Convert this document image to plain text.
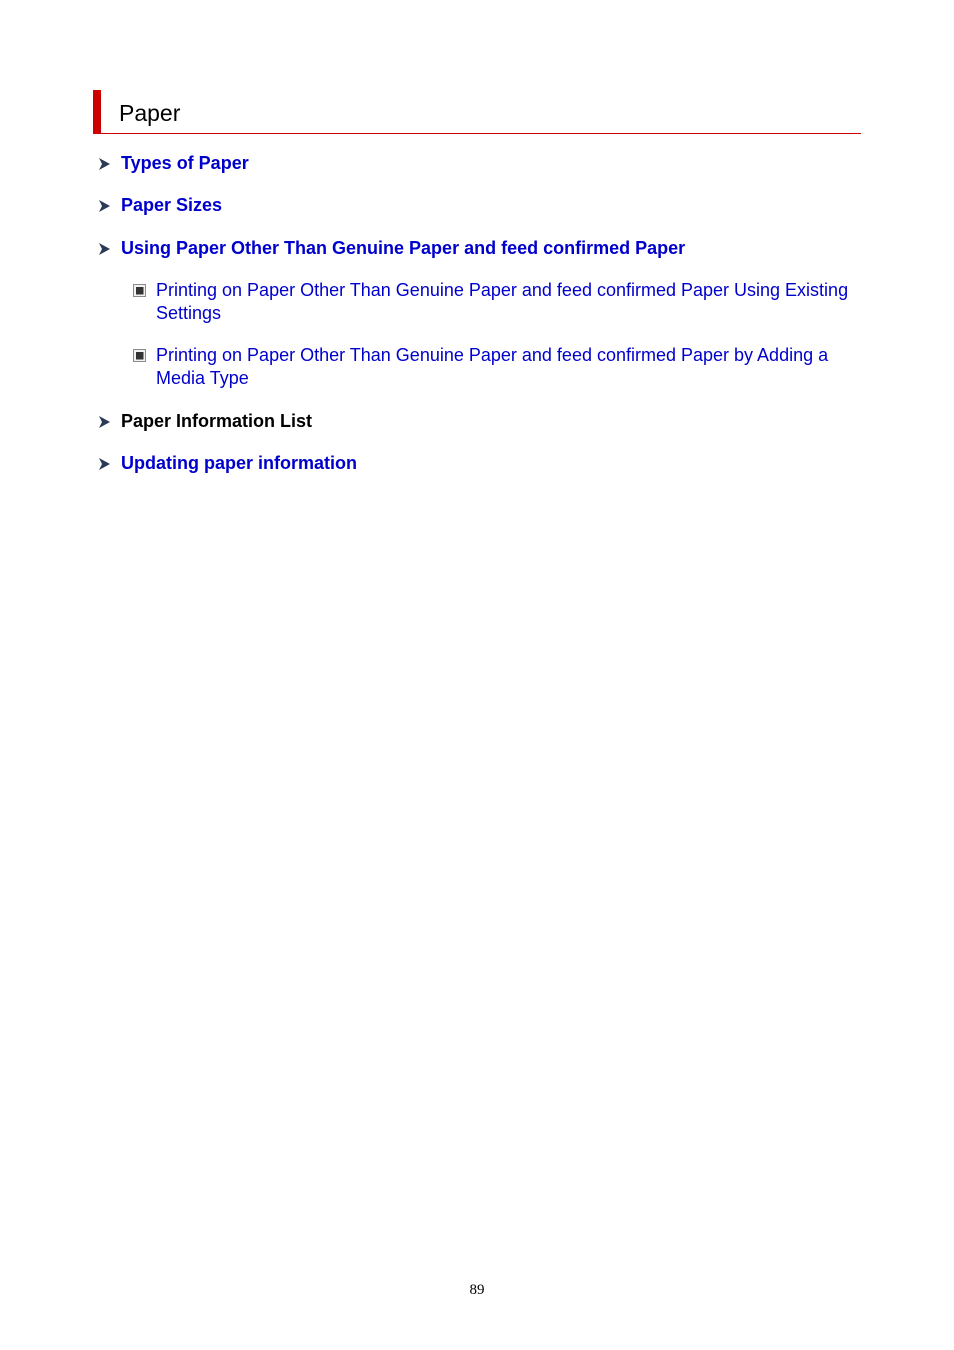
Paper
Types of Paper
Paper Sizes
Using Paper Other Than Genuine Paper and feed confirmed Paper
Printing on Paper Other Than Genuine Paper and feed confirmed Paper Using Existing Settings
Printing on Paper Other Than Genuine Paper and feed confirmed Paper by Adding a Media Type
Paper Information List
Updating paper information
89
